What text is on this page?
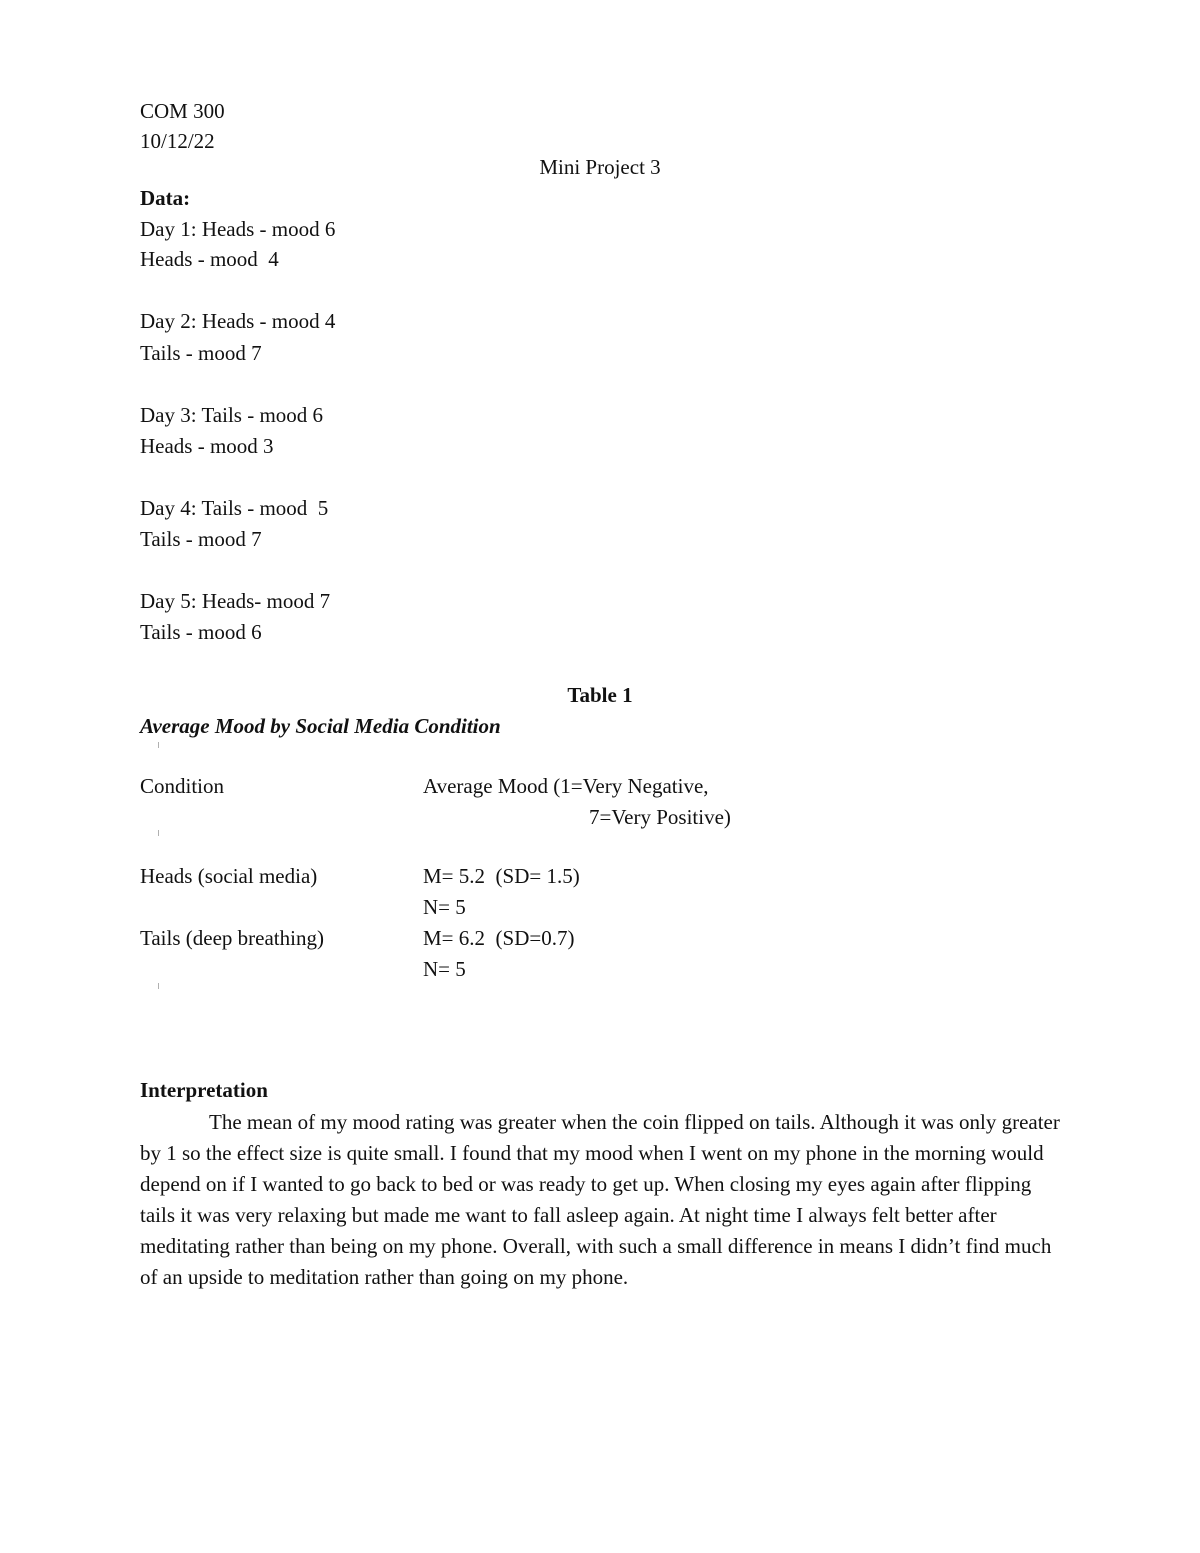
COM 300
10/12/22
Mini Project 3
Data:
Day 1: Heads - mood 6
Heads - mood  4
Day 2: Heads - mood 4
Tails - mood 7
Day 3: Tails - mood 6
Heads - mood 3
Day 4: Tails - mood  5
Tails - mood 7
Day 5: Heads- mood 7
Tails - mood 6
Table 1
Average Mood by Social Media Condition
Condition	Average Mood (1=Very Negative,
7=Very Positive)
Heads (social media)	M= 5.2  (SD= 1.5)
N= 5
Tails (deep breathing)	M= 6.2  (SD=0.7)
N= 5
Interpretation
The mean of my mood rating was greater when the coin flipped on tails. Although it was only greater by 1 so the effect size is quite small. I found that my mood when I went on my phone in the morning would depend on if I wanted to go back to bed or was ready to get up. When closing my eyes again after flipping tails it was very relaxing but made me want to fall asleep again. At night time I always felt better after meditating rather than being on my phone. Overall, with such a small difference in means I didn’t find much of an upside to meditation rather than going on my phone.
